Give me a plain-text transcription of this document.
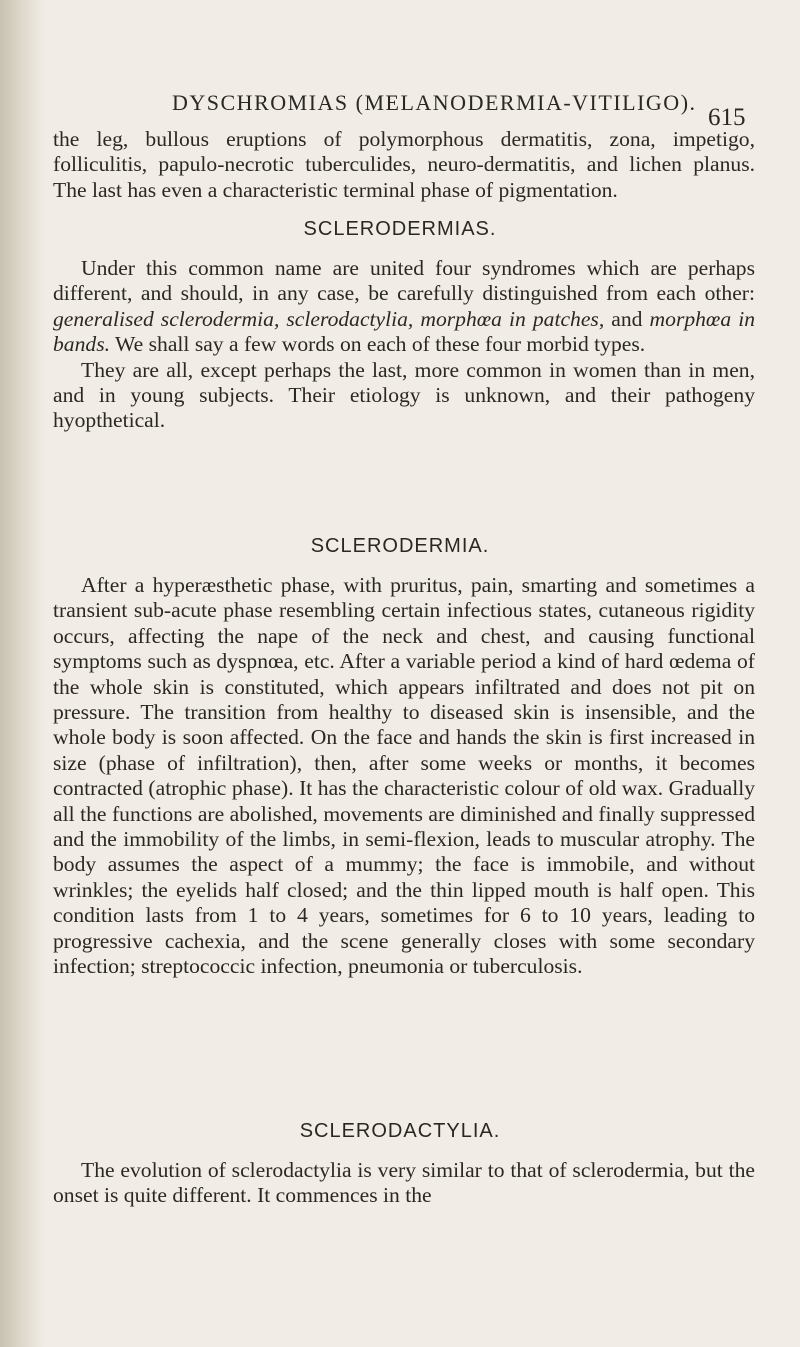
DYSCHROMIAS (MELANODERMIA-VITILIGO).
615

the leg, bullous eruptions of polymorphous dermatitis, zona, impetigo, folliculitis, papulo-necrotic tuberculides, neuro-dermatitis, and lichen planus. The last has even a characteristic terminal phase of pigmentation.

SCLERODERMIAS.

Under this common name are united four syndromes which are perhaps different, and should, in any case, be carefully distinguished from each other: generalised sclerodermia, sclerodactylia, morphœa in patches, and morphœa in bands. We shall say a few words on each of these four morbid types.

They are all, except perhaps the last, more common in women than in men, and in young subjects. Their etiology is unknown, and their pathogeny hyopthetical.

SCLERODERMIA.

After a hyperæsthetic phase, with pruritus, pain, smarting and sometimes a transient sub-acute phase resembling certain infectious states, cutaneous rigidity occurs, affecting the nape of the neck and chest, and causing functional symptoms such as dyspnœa, etc. After a variable period a kind of hard œdema of the whole skin is constituted, which appears infiltrated and does not pit on pressure. The transition from healthy to diseased skin is insensible, and the whole body is soon affected. On the face and hands the skin is first increased in size (phase of infiltration), then, after some weeks or months, it becomes contracted (atrophic phase). It has the characteristic colour of old wax. Gradually all the functions are abolished, movements are diminished and finally suppressed and the immobility of the limbs, in semi-flexion, leads to muscular atrophy. The body assumes the aspect of a mummy; the face is immobile, and without wrinkles; the eyelids half closed; and the thin lipped mouth is half open. This condition lasts from 1 to 4 years, sometimes for 6 to 10 years, leading to progressive cachexia, and the scene generally closes with some secondary infection; streptococcic infection, pneumonia or tuberculosis.

SCLERODACTYLIA.

The evolution of sclerodactylia is very similar to that of sclerodermia, but the onset is quite different. It commences in the
